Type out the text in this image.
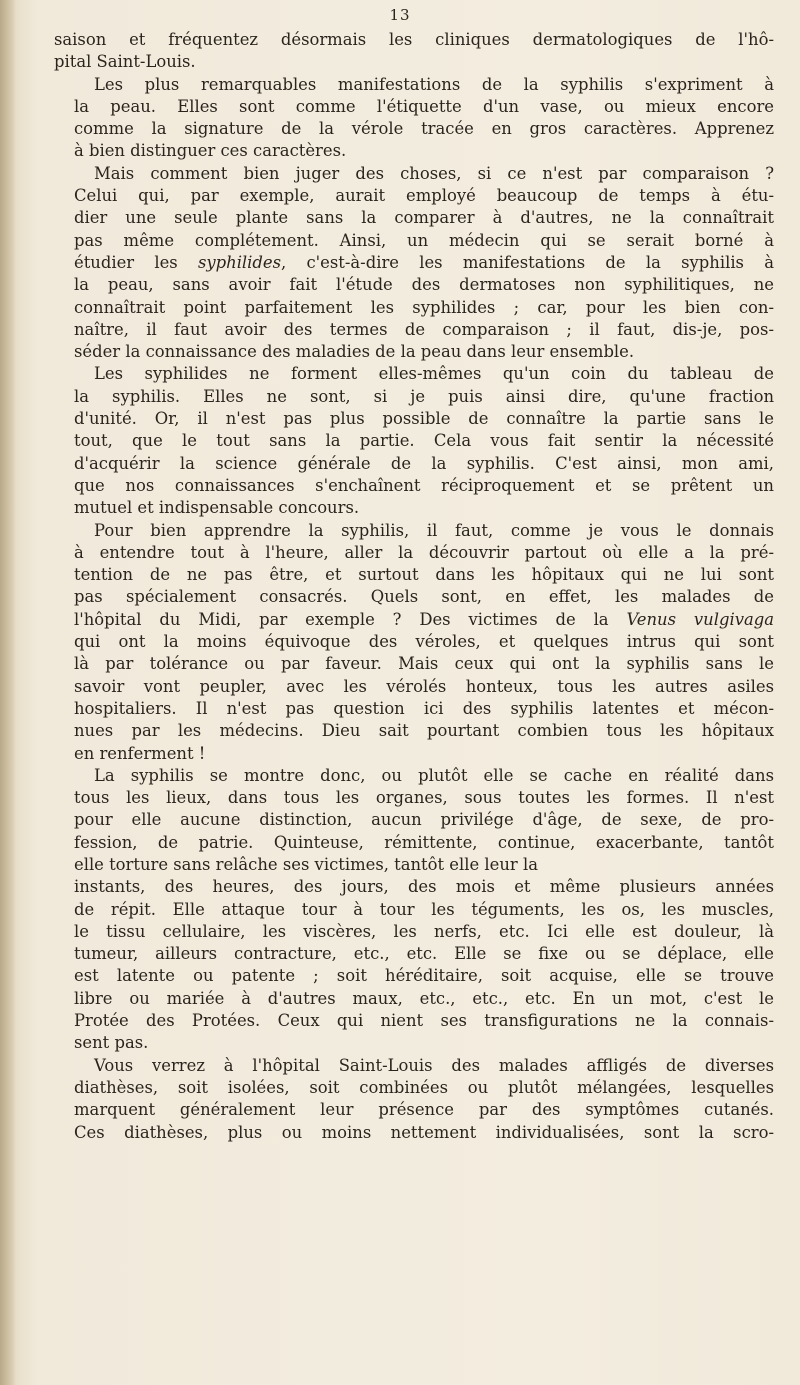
13

saison et fréquentez désormais les cliniques dermatologiques de l'hô-
pital Saint-Louis.

Les plus remarquables manifestations de la syphilis s'expriment à
la peau. Elles sont comme l'étiquette d'un vase, ou mieux encore
comme la signature de la vérole tracée en gros caractères. Apprenez
à bien distinguer ces caractères.

Mais comment bien juger des choses, si ce n'est par comparaison ?
Celui qui, par exemple, aurait employé beaucoup de temps à étu-
dier une seule plante sans la comparer à d'autres, ne la connaîtrait
pas même complétement. Ainsi, un médecin qui se serait borné à
étudier les syphilides, c'est-à-dire les manifestations de la syphilis à
la peau, sans avoir fait l'étude des dermatoses non syphilitiques, ne
connaîtrait point parfaitement les syphilides ; car, pour les bien con-
naître, il faut avoir des termes de comparaison ; il faut, dis-je, pos-
séder la connaissance des maladies de la peau dans leur ensemble.

Les syphilides ne forment elles-mêmes qu'un coin du tableau de
la syphilis. Elles ne sont, si je puis ainsi dire, qu'une fraction
d'unité. Or, il n'est pas plus possible de connaître la partie sans le
tout, que le tout sans la partie. Cela vous fait sentir la nécessité
d'acquérir la science générale de la syphilis. C'est ainsi, mon ami,
que nos connaissances s'enchaînent réciproquement et se prêtent un
mutuel et indispensable concours.

Pour bien apprendre la syphilis, il faut, comme je vous le donnais
à entendre tout à l'heure, aller la découvrir partout où elle a la pré-
tention de ne pas être, et surtout dans les hôpitaux qui ne lui sont
pas spécialement consacrés. Quels sont, en effet, les malades de
l'hôpital du Midi, par exemple ? Des victimes de la Venus vulgivaga
qui ont la moins équivoque des véroles, et quelques intrus qui sont
là par tolérance ou par faveur. Mais ceux qui ont la syphilis sans le
savoir vont peupler, avec les vérolés honteux, tous les autres asiles
hospitaliers. Il n'est pas question ici des syphilis latentes et mécon-
nues par les médecins. Dieu sait pourtant combien tous les hôpitaux
en renferment !

La syphilis se montre donc, ou plutôt elle se cache en réalité dans
tous les lieux, dans tous les organes, sous toutes les formes. Il n'est
pour elle aucune distinction, aucun privilége d'âge, de sexe, de pro-
fession, de patrie. Quinteuse, rémittente, continue, exacerbante, tantôt
elle torture sans relâche ses victimes, tantôt elle leur la
instants, des heures, des jours, des mois et même plusieurs années
de répit. Elle attaque tour à tour les téguments, les os, les muscles,
le tissu cellulaire, les viscères, les nerfs, etc. Ici elle est douleur, là
tumeur, ailleurs contracture, etc., etc. Elle se fixe ou se déplace, elle
est latente ou patente ; soit héréditaire, soit acquise, elle se trouve
libre ou mariée à d'autres maux, etc., etc., etc. En un mot, c'est le
Protée des Protées. Ceux qui nient ses transfigurations ne la connais-
sent pas.

Vous verrez à l'hôpital Saint-Louis des malades affligés de diverses
diathèses, soit isolées, soit combinées ou plutôt mélangées, lesquelles
marquent généralement leur présence par des symptômes cutanés.
Ces diathèses, plus ou moins nettement individualisées, sont la scro-
